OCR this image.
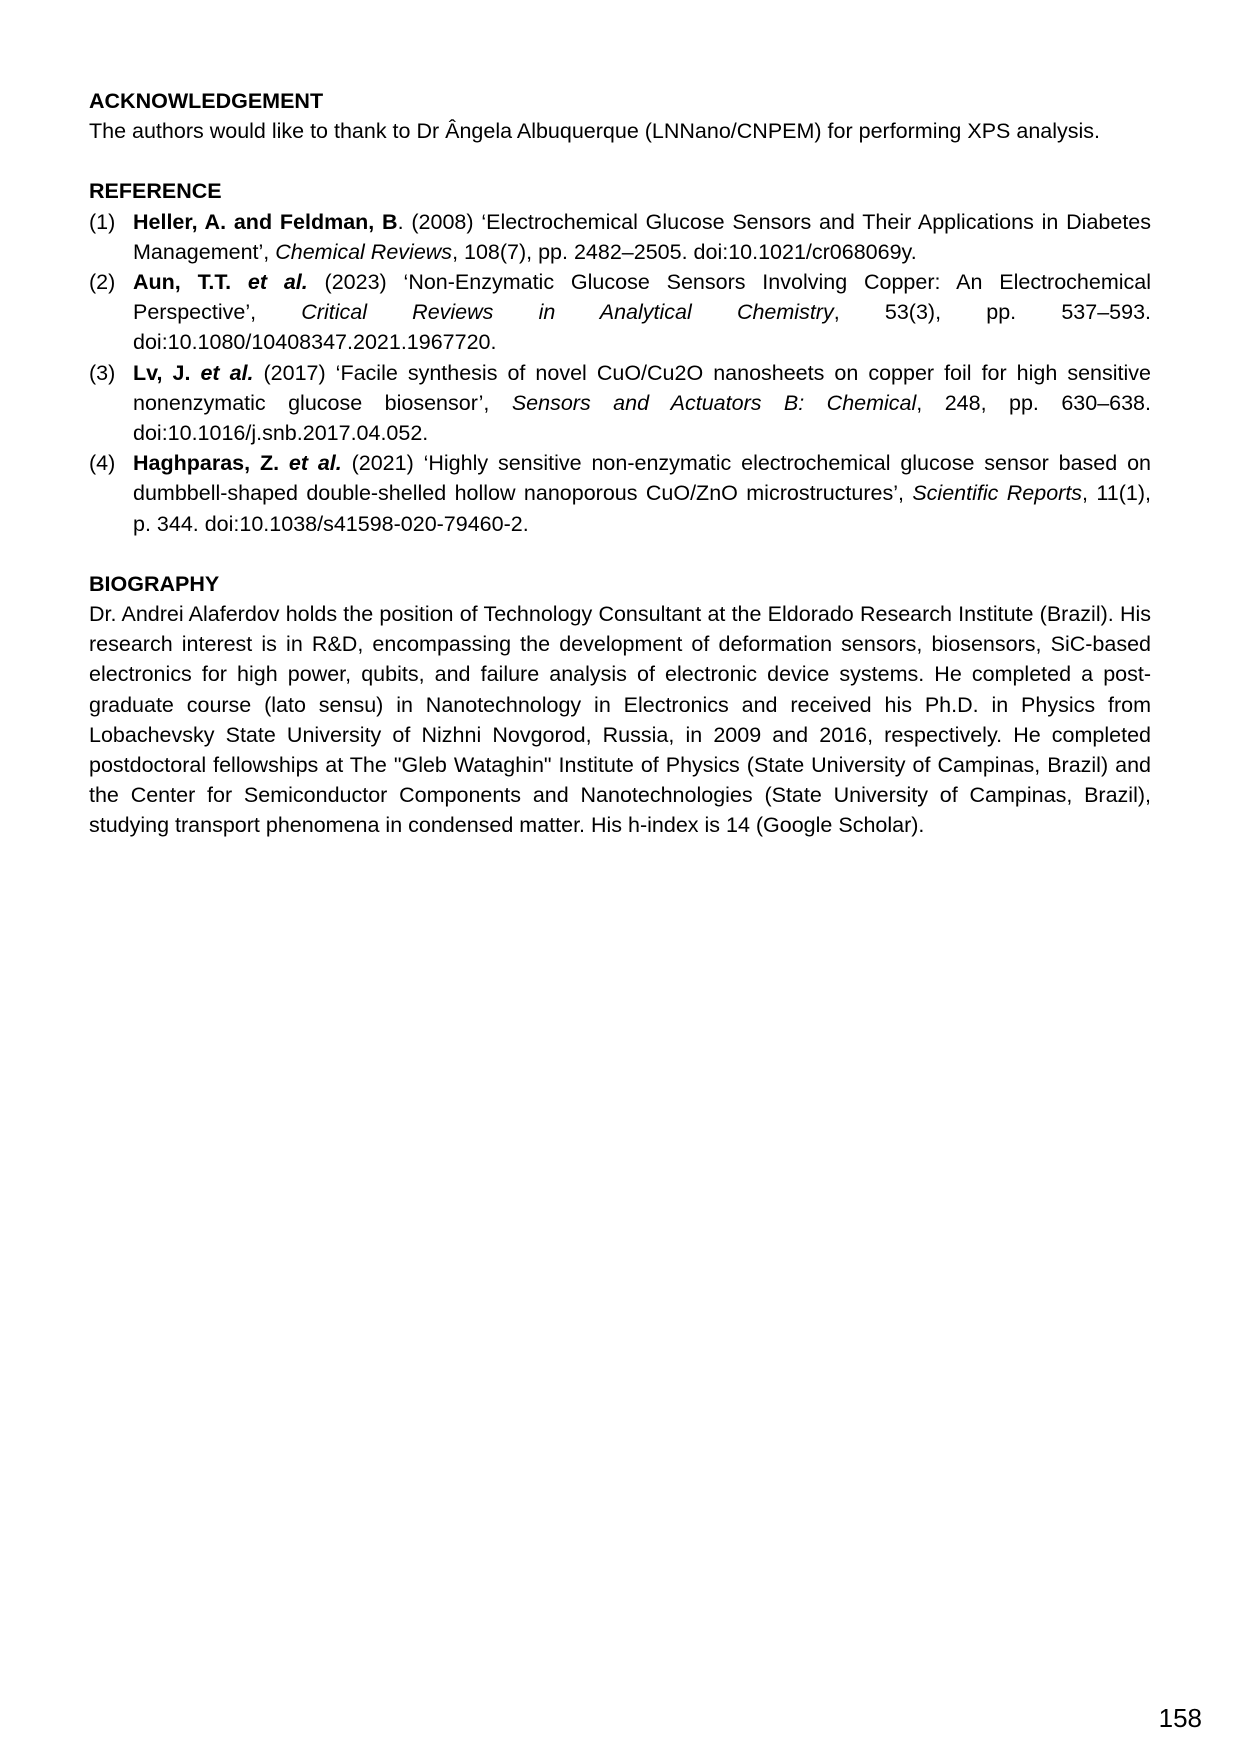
ACKNOWLEDGEMENT

The authors would like to thank to Dr Ângela Albuquerque (LNNano/CNPEM) for performing XPS analysis.

REFERENCE

(1) Heller, A. and Feldman, B. (2008) ‘Electrochemical Glucose Sensors and Their Applications in Diabetes Management’, Chemical Reviews, 108(7), pp. 2482–2505. doi:10.1021/cr068069y.
(2) Aun, T.T. et al. (2023) ‘Non-Enzymatic Glucose Sensors Involving Copper: An Electrochemical Perspective’, Critical Reviews in Analytical Chemistry, 53(3), pp. 537–593. doi:10.1080/10408347.2021.1967720.
(3) Lv, J. et al. (2017) ‘Facile synthesis of novel CuO/Cu2O nanosheets on copper foil for high sensitive nonenzymatic glucose biosensor’, Sensors and Actuators B: Chemical, 248, pp. 630–638. doi:10.1016/j.snb.2017.04.052.
(4) Haghparas, Z. et al. (2021) ‘Highly sensitive non-enzymatic electrochemical glucose sensor based on dumbbell-shaped double-shelled hollow nanoporous CuO/ZnO microstructures’, Scientific Reports, 11(1), p. 344. doi:10.1038/s41598-020-79460-2.

BIOGRAPHY

Dr. Andrei Alaferdov holds the position of Technology Consultant at the Eldorado Research Institute (Brazil). His research interest is in R&D, encompassing the development of deformation sensors, biosensors, SiC-based electronics for high power, qubits, and failure analysis of electronic device systems. He completed a post-graduate course (lato sensu) in Nanotechnology in Electronics and received his Ph.D. in Physics from Lobachevsky State University of Nizhni Novgorod, Russia, in 2009 and 2016, respectively. He completed postdoctoral fellowships at The "Gleb Wataghin" Institute of Physics (State University of Campinas, Brazil) and the Center for Semiconductor Components and Nanotechnologies (State University of Campinas, Brazil), studying transport phenomena in condensed matter. His h-index is 14 (Google Scholar).

158
